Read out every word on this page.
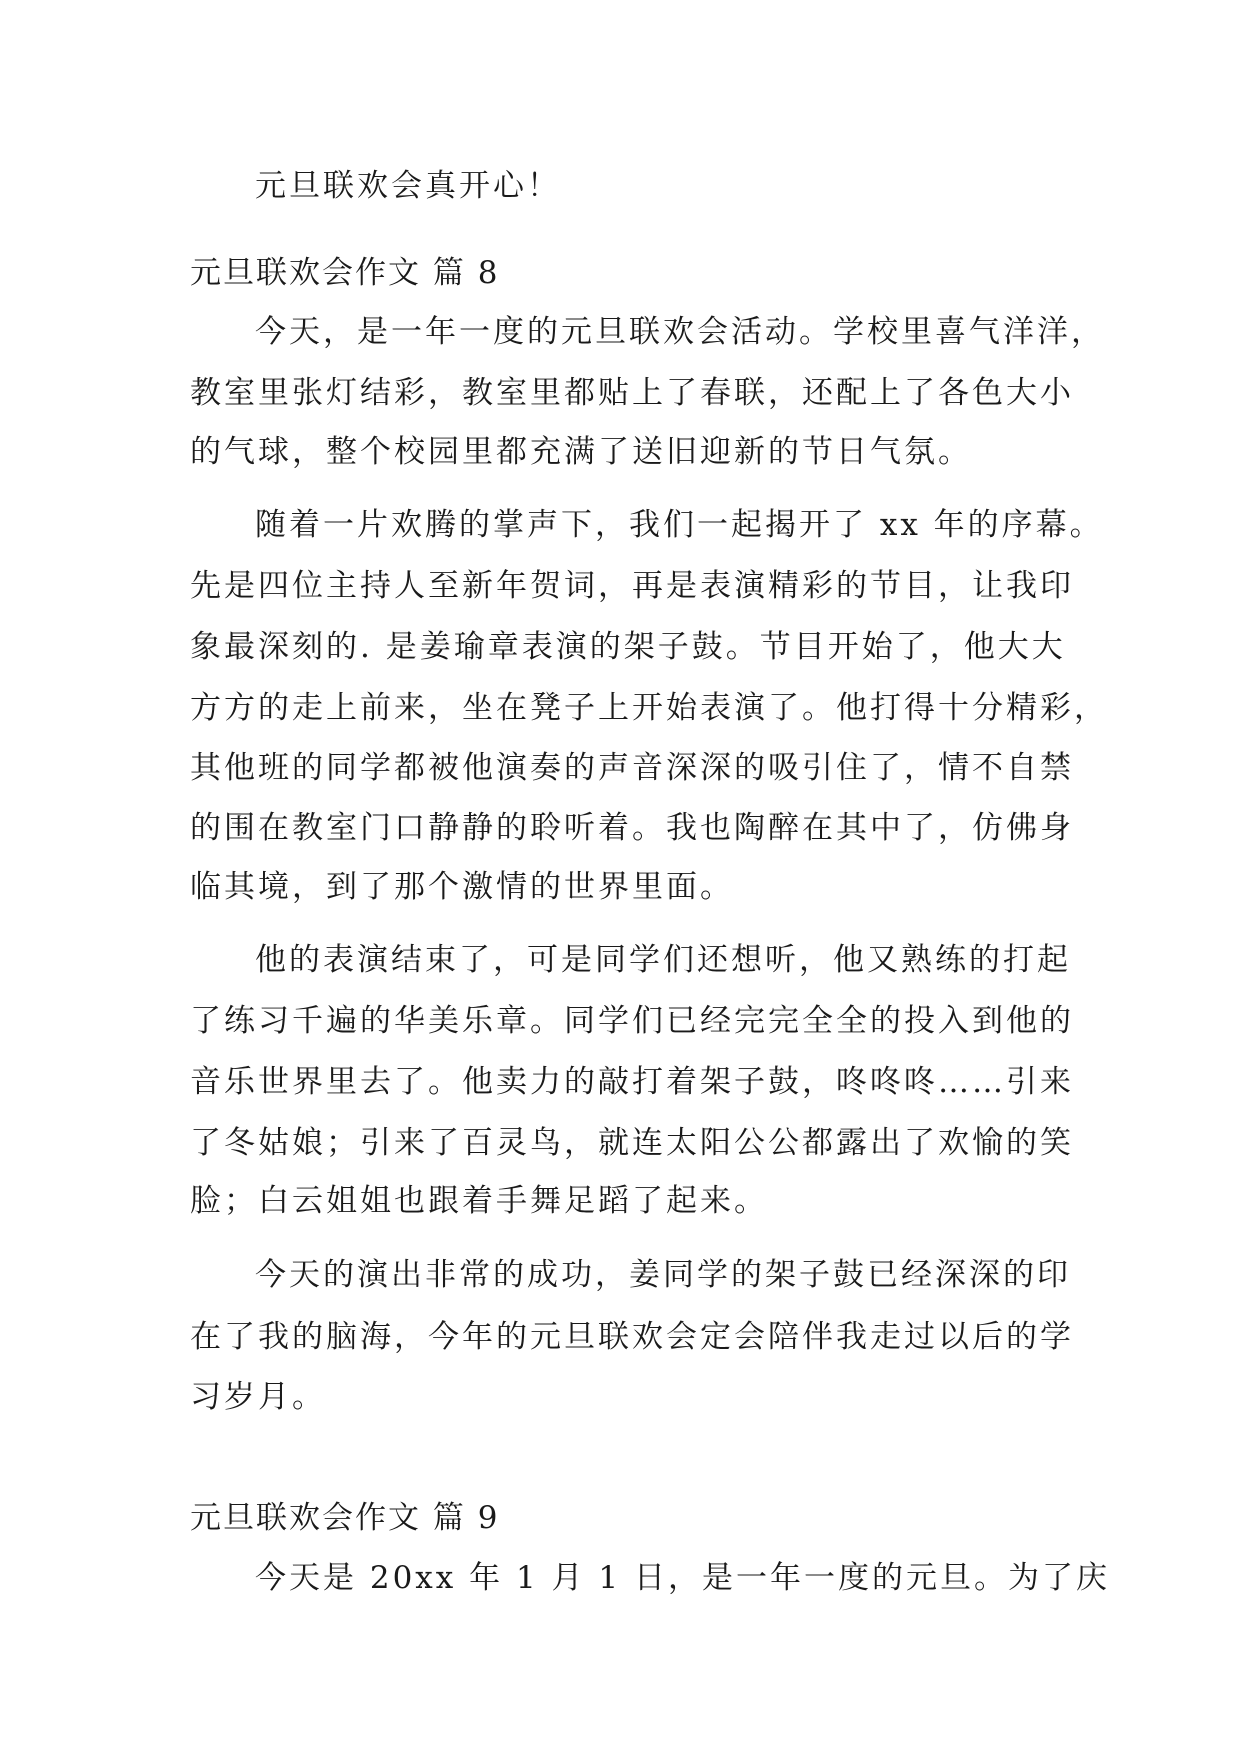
元旦联欢会真开心！
元旦联欢会作文 篇 8
今天，是一年一度的元旦联欢会活动。学校里喜气洋洋，
教室里张灯结彩，教室里都贴上了春联，还配上了各色大小
的气球，整个校园里都充满了送旧迎新的节日气氛。
随着一片欢腾的掌声下，我们一起揭开了 xx 年的序幕。
先是四位主持人至新年贺词，再是表演精彩的节目，让我印
象最深刻的. 是姜瑜章表演的架子鼓。节目开始了，他大大
方方的走上前来，坐在凳子上开始表演了。他打得十分精彩，
其他班的同学都被他演奏的声音深深的吸引住了，情不自禁
的围在教室门口静静的聆听着。我也陶醉在其中了，仿佛身
临其境，到了那个激情的世界里面。
他的表演结束了，可是同学们还想听，他又熟练的打起
了练习千遍的华美乐章。同学们已经完完全全的投入到他的
音乐世界里去了。他卖力的敲打着架子鼓，咚咚咚……引来
了冬姑娘；引来了百灵鸟，就连太阳公公都露出了欢愉的笑
脸；白云姐姐也跟着手舞足蹈了起来。
今天的演出非常的成功，姜同学的架子鼓已经深深的印
在了我的脑海，今年的元旦联欢会定会陪伴我走过以后的学
习岁月。
元旦联欢会作文 篇 9
今天是 20xx 年 1 月 1 日，是一年一度的元旦。为了庆
